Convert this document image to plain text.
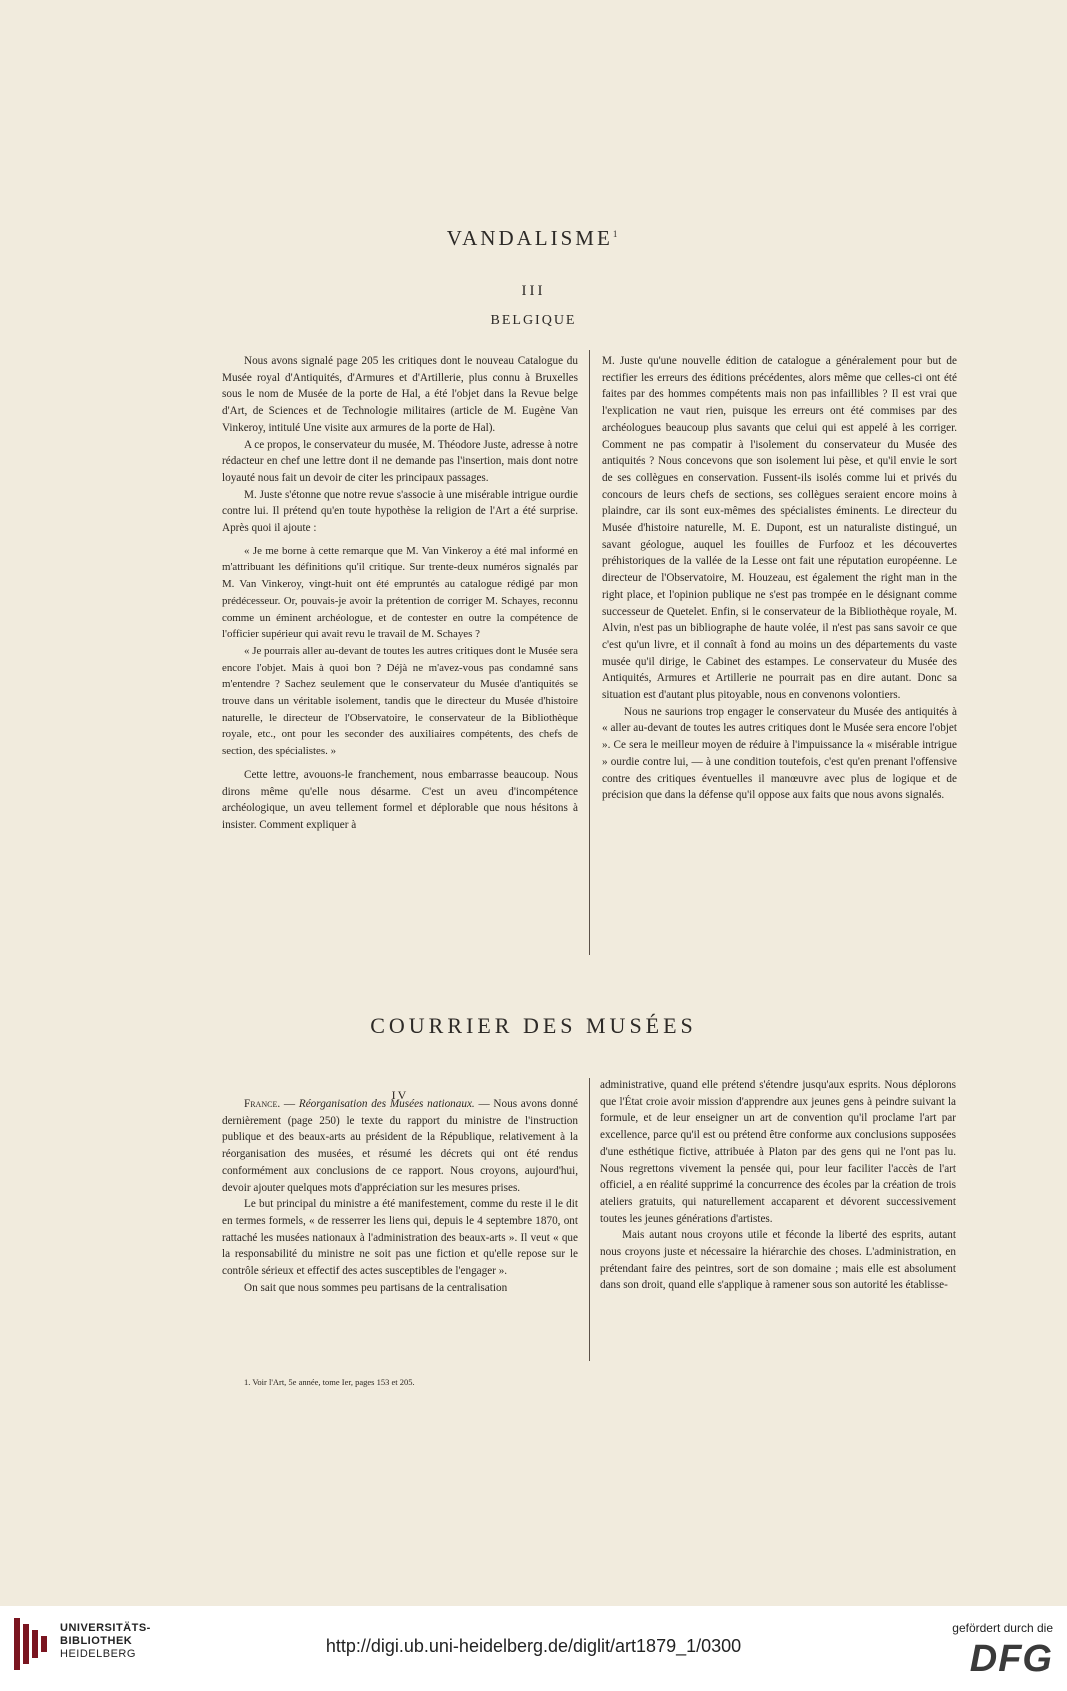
VANDALISME$^1$
III
BELGIQUE

Nous avons signalé page 205 les critiques dont le nouveau Catalogue du Musée royal d'Antiquités, d'Armures et d'Artillerie, plus connu à Bruxelles sous le nom de Musée de la porte de Hal, a été l'objet dans la Revue belge d'Art, de Sciences et de Technologie militaires (article de M. Eugène Van Vinkeroy, intitulé Une visite aux armures de la porte de Hal).

A ce propos, le conservateur du musée, M. Théodore Juste, adresse à notre rédacteur en chef une lettre dont il ne demande pas l'insertion, mais dont notre loyauté nous fait un devoir de citer les principaux passages.

M. Juste s'étonne que notre revue s'associe à une misérable intrigue ourdie contre lui. Il prétend qu'en toute hypothèse la religion de l'Art a été surprise. Après quoi il ajoute :

« Je me borne à cette remarque que M. Van Vinkeroy a été mal informé en m'attribuant les définitions qu'il critique. Sur trente-deux numéros signalés par M. Van Vinkeroy, vingt-huit ont été empruntés au catalogue rédigé par mon prédécesseur. Or, pouvais-je avoir la prétention de corriger M. Schayes, reconnu comme un éminent archéologue, et de contester en outre la compétence de l'officier supérieur qui avait revu le travail de M. Schayes ?

« Je pourrais aller au-devant de toutes les autres critiques dont le Musée sera encore l'objet. Mais à quoi bon ? Déjà ne m'avez-vous pas condamné sans m'entendre ? Sachez seulement que le conservateur du Musée d'antiquités se trouve dans un véritable isolement, tandis que le directeur du Musée d'histoire naturelle, le directeur de l'Observatoire, le conservateur de la Bibliothèque royale, etc., ont pour les seconder des auxiliaires compétents, des chefs de section, des spécialistes. »

Cette lettre, avouons-le franchement, nous embarrasse beaucoup. Nous dirons même qu'elle nous désarme. C'est un aveu d'incompétence archéologique, un aveu tellement formel et déplorable que nous hésitons à insister. Comment expliquer à

M. Juste qu'une nouvelle édition de catalogue a généralement pour but de rectifier les erreurs des éditions précédentes, alors même que celles-ci ont été faites par des hommes compétents mais non pas infaillibles ? Il est vrai que l'explication ne vaut rien, puisque les erreurs ont été commises par des archéologues beaucoup plus savants que celui qui est appelé à les corriger. Comment ne pas compatir à l'isolement du conservateur du Musée des antiquités ? Nous concevons que son isolement lui pèse, et qu'il envie le sort de ses collègues en conservation. Fussent-ils isolés comme lui et privés du concours de leurs chefs de sections, ses collègues seraient encore moins à plaindre, car ils sont eux-mêmes des spécialistes éminents. Le directeur du Musée d'histoire naturelle, M. E. Dupont, est un naturaliste distingué, un savant géologue, auquel les fouilles de Furfooz et les découvertes préhistoriques de la vallée de la Lesse ont fait une réputation européenne. Le directeur de l'Observatoire, M. Houzeau, est également the right man in the right place, et l'opinion publique ne s'est pas trompée en le désignant comme successeur de Quetelet. Enfin, si le conservateur de la Bibliothèque royale, M. Alvin, n'est pas un bibliographe de haute volée, il n'est pas sans savoir ce que c'est qu'un livre, et il connaît à fond au moins un des départements du vaste musée qu'il dirige, le Cabinet des estampes. Le conservateur du Musée des Antiquités, Armures et Artillerie ne pourrait pas en dire autant. Donc sa situation est d'autant plus pitoyable, nous en convenons volontiers.

Nous ne saurions trop engager le conservateur du Musée des antiquités à « aller au-devant de toutes les autres critiques dont le Musée sera encore l'objet ». Ce sera le meilleur moyen de réduire à l'impuissance la « misérable intrigue » ourdie contre lui, — à une condition toutefois, c'est qu'en prenant l'offensive contre des critiques éventuelles il manœuvre avec plus de logique et de précision que dans la défense qu'il oppose aux faits que nous avons signalés.

COURRIER DES MUSÉES
IV

France. — Réorganisation des Musées nationaux. — Nous avons donné dernièrement (page 250) le texte du rapport du ministre de l'instruction publique et des beaux-arts au président de la République, relativement à la réorganisation des musées, et résumé les décrets qui ont été rendus conformément aux conclusions de ce rapport. Nous croyons, aujourd'hui, devoir ajouter quelques mots d'appréciation sur les mesures prises.

Le but principal du ministre a été manifestement, comme du reste il le dit en termes formels, « de resserrer les liens qui, depuis le 4 septembre 1870, ont rattaché les musées nationaux à l'administration des beaux-arts ». Il veut « que la responsabilité du ministre ne soit pas une fiction et qu'elle repose sur le contrôle sérieux et effectif des actes susceptibles de l'engager ».

On sait que nous sommes peu partisans de la centralisation

administrative, quand elle prétend s'étendre jusqu'aux esprits. Nous déplorons que l'État croie avoir mission d'apprendre aux jeunes gens à peindre suivant la formule, et de leur enseigner un art de convention qu'il proclame l'art par excellence, parce qu'il est ou prétend être conforme aux conclusions supposées d'une esthétique fictive, attribuée à Platon par des gens qui ne l'ont pas lu. Nous regrettons vivement la pensée qui, pour leur faciliter l'accès de l'art officiel, a en réalité supprimé la concurrence des écoles par la création de trois ateliers gratuits, qui naturellement accaparent et dévorent successivement toutes les jeunes générations d'artistes.

Mais autant nous croyons utile et féconde la liberté des esprits, autant nous croyons juste et nécessaire la hiérarchie des choses. L'administration, en prétendant faire des peintres, sort de son domaine ; mais elle est absolument dans son droit, quand elle s'applique à ramener sous son autorité les établisse-

1. Voir l'Art, 5e année, tome Ier, pages 153 et 205.
UNIVERSITÄTS-
BIBLIOTHEK
HEIDELBERG	http://digi.ub.uni-heidelberg.de/diglit/art1879_1/0300
gefördert durch die
DFG
